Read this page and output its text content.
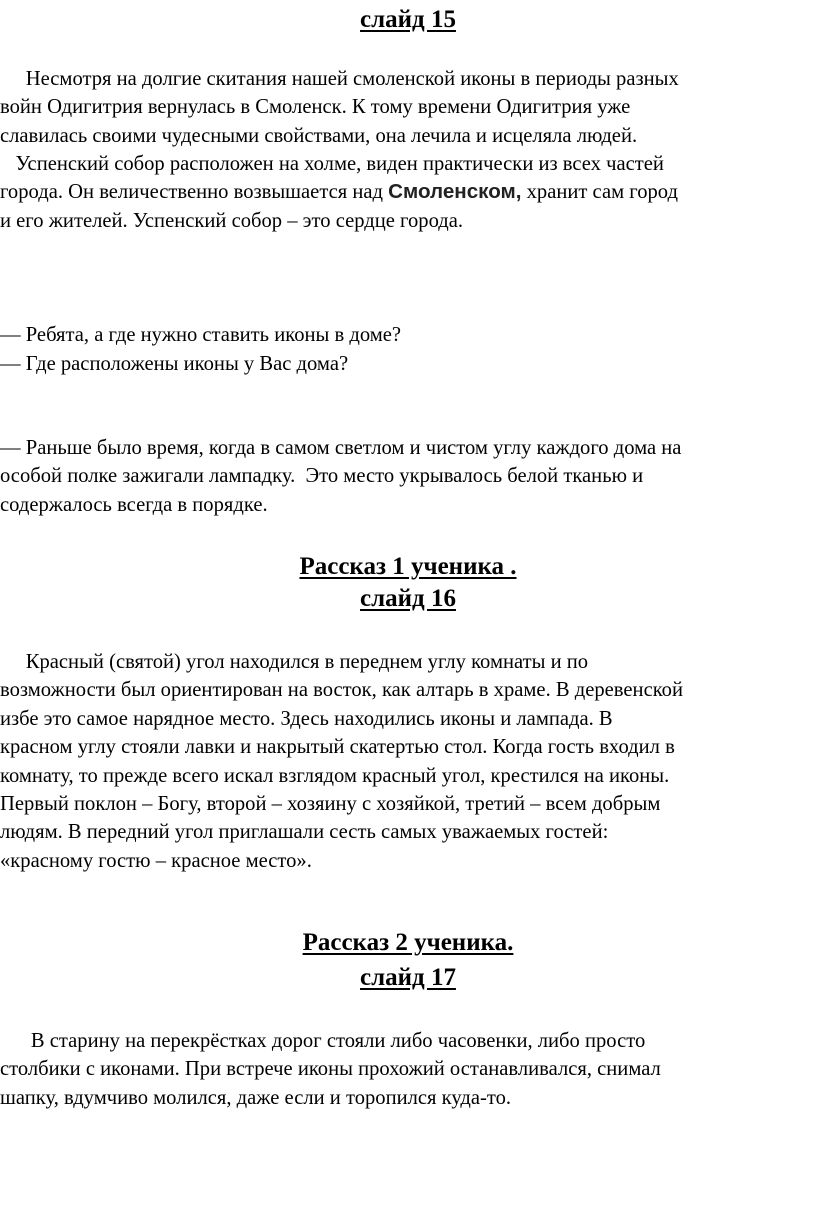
слайд 15
Несмотря на долгие скитания нашей смоленской иконы в периоды разных
войн Одигитрия вернулась в Смоленск. К тому времени Одигитрия уже
славилась своими чудесными свойствами, она лечила и исцеляла людей.
Успенский собор расположен на холме, виден практически из всех частей
города. Он величественно возвышается над Смоленском, хранит сам город
и его жителей. Успенский собор – это сердце города.
— Ребята, а где нужно ставить иконы в доме?
— Где расположены иконы у Вас дома?
— Раньше было время, когда в самом светлом и чистом углу каждого дома на
особой полке зажигали лампадку.  Это место укрывалось белой тканью и
содержалось всегда в порядке.
Рассказ 1 ученика .
слайд 16
Красный (святой) угол находился в переднем углу комнаты и по
возможности был ориентирован на восток, как алтарь в храме. В деревенской
избе это самое нарядное место. Здесь находились иконы и лампада. В
красном углу стояли лавки и накрытый скатертью стол. Когда гость входил в
комнату, то прежде всего искал взглядом красный угол, крестился на иконы.
Первый поклон – Богу, второй – хозяину с хозяйкой, третий – всем добрым
людям. В передний угол приглашали сесть самых уважаемых гостей:
«красному гостю – красное место».
Рассказ 2 ученика.
слайд 17
В старину на перекрёстках дорог стояли либо часовенки, либо просто
столбики с иконами. При встрече иконы прохожий останавливался, снимал
шапку, вдумчиво молился, даже если и торопился куда-то.
